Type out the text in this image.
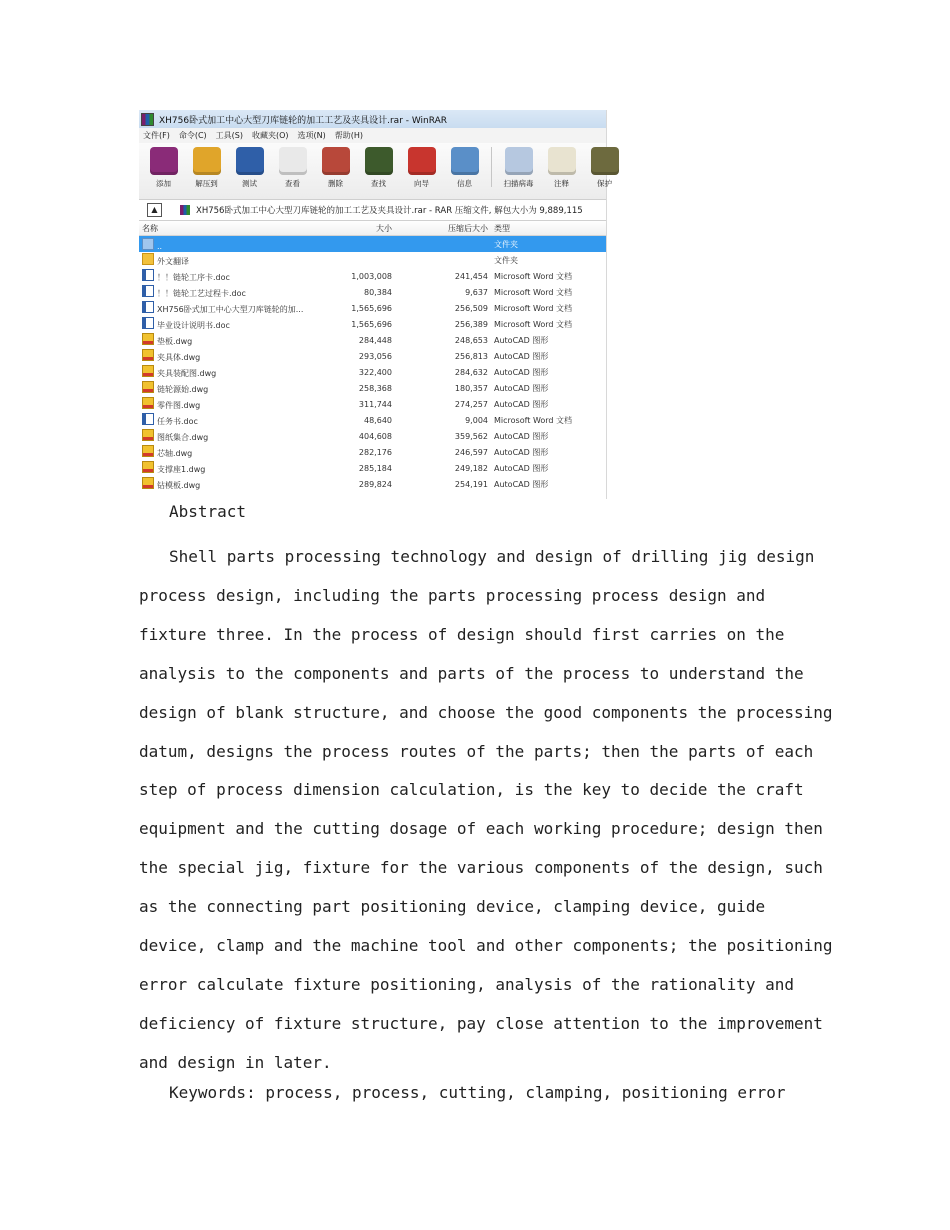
XH756卧式加工中心大型刀库链轮的加工工艺及夹具设计.rar - WinRAR
文件(F) 命令(C) 工具(S) 收藏夹(O) 选项(N) 帮助(H)
添加	解压到	测试	查看	删除	查找	向导	信息	扫描病毒	注释	保护
▲	XH756卧式加工中心大型刀库链轮的加工工艺及夹具设计.rar - RAR 压缩文件, 解包大小为 9,889,115
名称	大小	压缩后大小 类型
..	文件夹
外文翻译	文件夹
！！链轮工序卡.doc	1,003,008	241,454 Microsoft Word 文档
！！链轮工艺过程卡.doc	80,384	9,637 Microsoft Word 文档
XH756卧式加工中心大型刀库链轮的加...	1,565,696	256,509 Microsoft Word 文档
毕业设计说明书.doc	1,565,696	256,389 Microsoft Word 文档
垫板.dwg	284,448	248,653 AutoCAD 图形
夹具体.dwg	293,056	256,813 AutoCAD 图形
夹具装配图.dwg	322,400	284,632 AutoCAD 图形
链轮源始.dwg	258,368	180,357 AutoCAD 图形
零件图.dwg	311,744	274,257 AutoCAD 图形
任务书.doc	48,640	9,004 Microsoft Word 文档
图纸集合.dwg	404,608	359,562 AutoCAD 图形
芯轴.dwg	282,176	246,597 AutoCAD 图形
支撑座1.dwg	285,184	249,182 AutoCAD 图形
钻模板.dwg	289,824	254,191 AutoCAD 图形
Abstract
Shell parts processing technology and design of drilling jig design
process design, including the parts processing process design and
fixture three. In the process of design should first carries on the
analysis to the components and parts of the process to understand the
design of blank structure, and choose the good components the processing
datum, designs the process routes of the parts; then the parts of each
step of process dimension calculation, is the key to decide the craft
equipment and the cutting dosage of each working procedure; design then
the special jig, fixture for the various components of the design, such
as the connecting part positioning device, clamping device, guide
device, clamp and the machine tool and other components; the positioning
error calculate fixture positioning, analysis of the rationality and
deficiency of fixture structure, pay close attention to the improvement
and design in later.
Keywords: process, process, cutting, clamping, positioning error
